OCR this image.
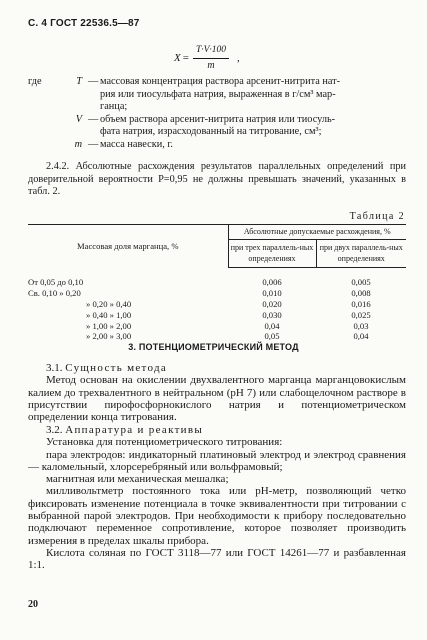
С. 4 ГОСТ 22536.5—87
$X = \frac{T\cdot V\cdot 100}{m}$ ,
где	T — массовая концентрация раствора арсенит-нитрита нат-
рия или тиосульфата натрия, выраженная в г/см³ мар-
ганца;
V — объем раствора арсенит-нитрита натрия или тиосуль-
фата натрия, израсходованный на титрование, см³;
m — масса навески, г.

2.4.2. Абсолютные расхождения результатов параллельных определений при доверительной вероятности P=0,95 не должны превышать значений, указанных в табл. 2.

Таблица 2
Массовая доля марганца, %	Абсолютные допускаемые расхождения, %	
	при трех параллель-ных определениях	при двух параллель-ных определениях

От 0,05 до 0,10	0,006	0,005
Св. 0,10 » 0,20	0,010	0,008
» 0,20 » 0,40	0,020	0,016
» 0,40 » 1,00	0,030	0,025
» 1,00 » 2,00	0,04	0,03
» 2,00 » 3,00	0,05	0,04
3. ПОТЕНЦИОМЕТРИЧЕСКИЙ МЕТОД

3.1. Сущность метода

Метод основан на окислении двухвалентного марганца марганцовокислым калием до трехвалентного в нейтральном (pH 7) или слабощелочном растворе в присутствии пирофосфорнокислого натрия и потенциометрическом определении конца титрования.

3.2. Аппаратура и реактивы

Установка для потенциометрического титрования:

пара электродов: индикаторный платиновый электрод и электрод сравнения — каломельный, хлорсеребряный или вольфрамовый;

магнитная или механическая мешалка;

милливольтметр постоянного тока или pH-метр, позволяющий четко фиксировать изменение потенциала в точке эквивалентности при титровании с выбранной парой электродов. При необходимости к прибору последовательно подключают переменное сопротивление, которое позволяет производить измерения в пределах шкалы прибора.

Кислота соляная по ГОСТ 3118—77 или ГОСТ 14261—77 и разбавленная 1:1.

20
